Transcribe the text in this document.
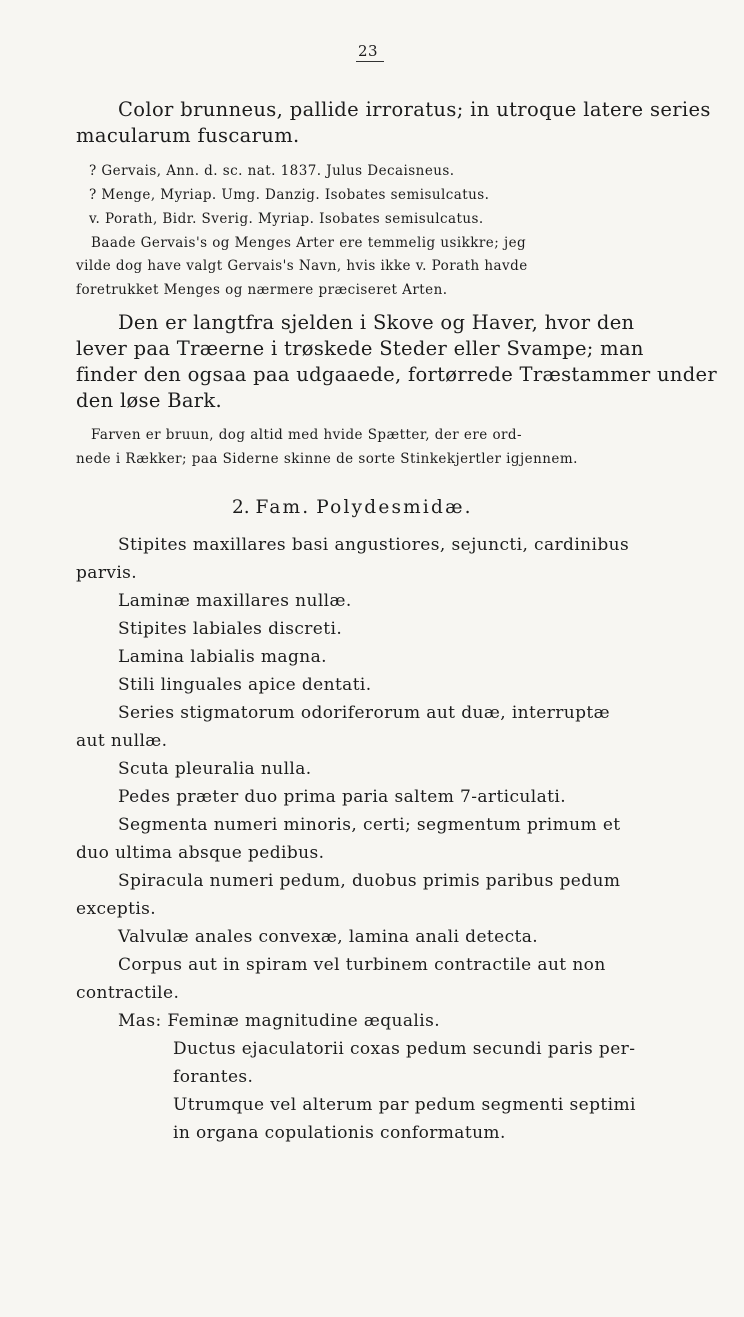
23
Color brunneus, pallide irroratus; in utroque latere series
macularum fuscarum.
? Gervais, Ann. d. sc. nat. 1837. Julus Decaisneus.
? Menge, Myriap. Umg. Danzig. Isobates semisulcatus.
v. Porath, Bidr. Sverig. Myriap. Isobates semisulcatus.
Baade Gervais's og Menges Arter ere temmelig usikkre; jeg
vilde dog have valgt Gervais's Navn, hvis ikke v. Porath havde
foretrukket Menges og nærmere præciseret Arten.
Den er langtfra sjelden i Skove og Haver, hvor den
lever paa Træerne i trøskede Steder eller Svampe; man
finder den ogsaa paa udgaaede, fortørrede Træstammer under
den løse Bark.
Farven er bruun, dog altid med hvide Spætter, der ere ord-
nede i Rækker; paa Siderne skinne de sorte Stinkekjertler igjennem.
2. Fam. Polydesmidæ.
Stipites maxillares basi angustiores, sejuncti, cardinibus
parvis.
Laminæ maxillares nullæ.
Stipites labiales discreti.
Lamina labialis magna.
Stili linguales apice dentati.
Series stigmatorum odoriferorum aut duæ, interruptæ
aut nullæ.
Scuta pleuralia nulla.
Pedes præter duo prima paria saltem 7-articulati.
Segmenta numeri minoris, certi; segmentum primum et
duo ultima absque pedibus.
Spiracula numeri pedum, duobus primis paribus pedum
exceptis.
Valvulæ anales convexæ, lamina anali detecta.
Corpus aut in spiram vel turbinem contractile aut non
contractile.
Mas: Feminæ magnitudine æqualis.
Ductus ejaculatorii coxas pedum secundi paris per-
forantes.
Utrumque vel alterum par pedum segmenti septimi
in organa copulationis conformatum.
